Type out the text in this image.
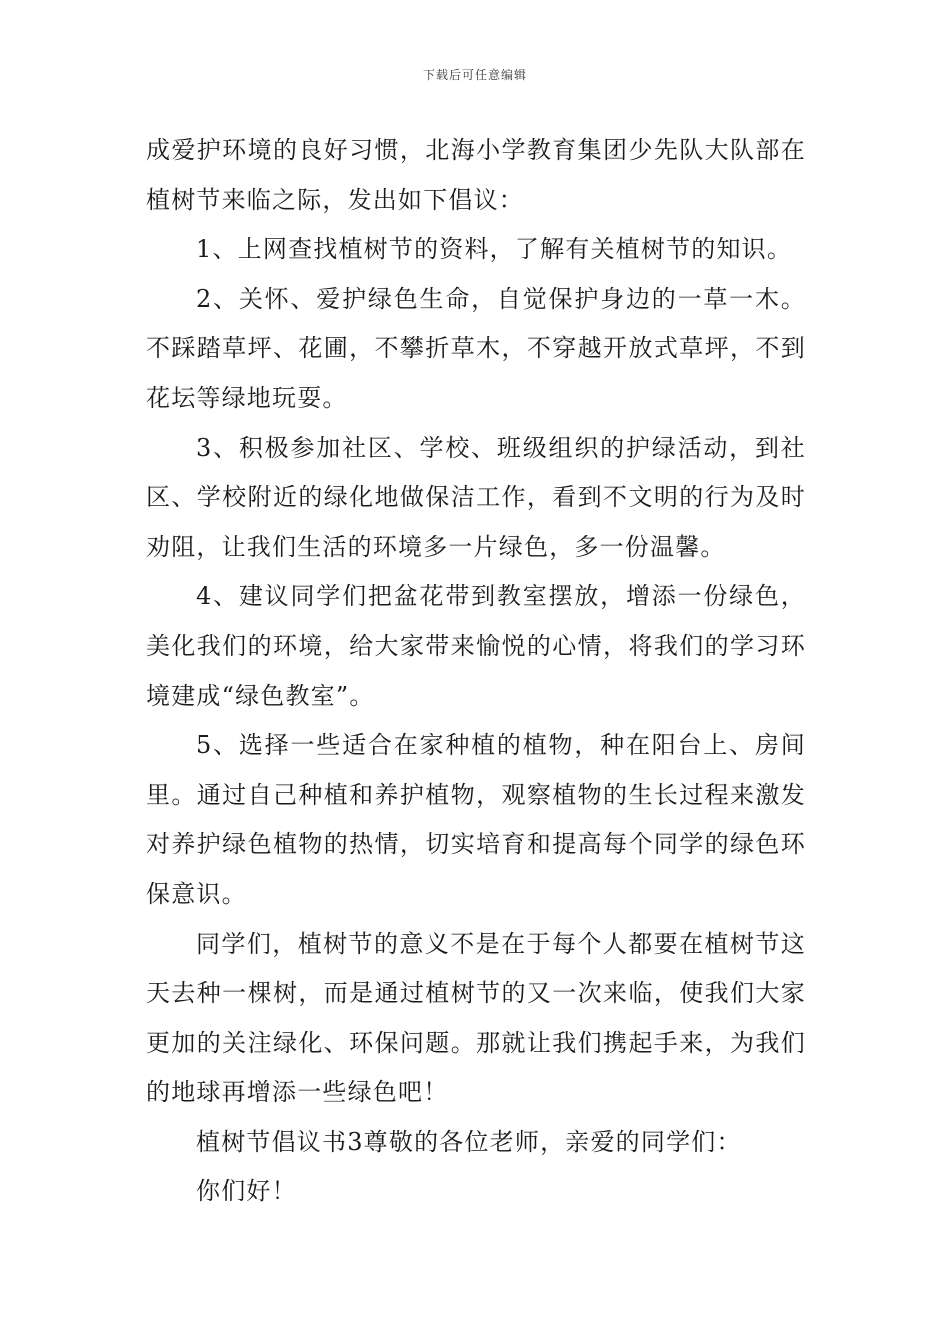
下载后可任意编辑

成爱护环境的良好习惯，北海小学教育集团少先队大队部在植树节来临之际，发出如下倡议：

1、上网查找植树节的资料，了解有关植树节的知识。

2、关怀、爱护绿色生命，自觉保护身边的一草一木。不踩踏草坪、花圃，不攀折草木，不穿越开放式草坪，不到花坛等绿地玩耍。

3、积极参加社区、学校、班级组织的护绿活动，到社区、学校附近的绿化地做保洁工作，看到不文明的行为及时劝阻，让我们生活的环境多一片绿色，多一份温馨。

4、建议同学们把盆花带到教室摆放，增添一份绿色，美化我们的环境，给大家带来愉悦的心情，将我们的学习环境建成“绿色教室”。

5、选择一些适合在家种植的植物，种在阳台上、房间里。通过自己种植和养护植物，观察植物的生长过程来激发对养护绿色植物的热情，切实培育和提高每个同学的绿色环保意识。

同学们，植树节的意义不是在于每个人都要在植树节这天去种一棵树，而是通过植树节的又一次来临，使我们大家更加的关注绿化、环保问题。那就让我们携起手来，为我们的地球再增添一些绿色吧！

植树节倡议书3尊敬的各位老师，亲爱的同学们：

你们好！
